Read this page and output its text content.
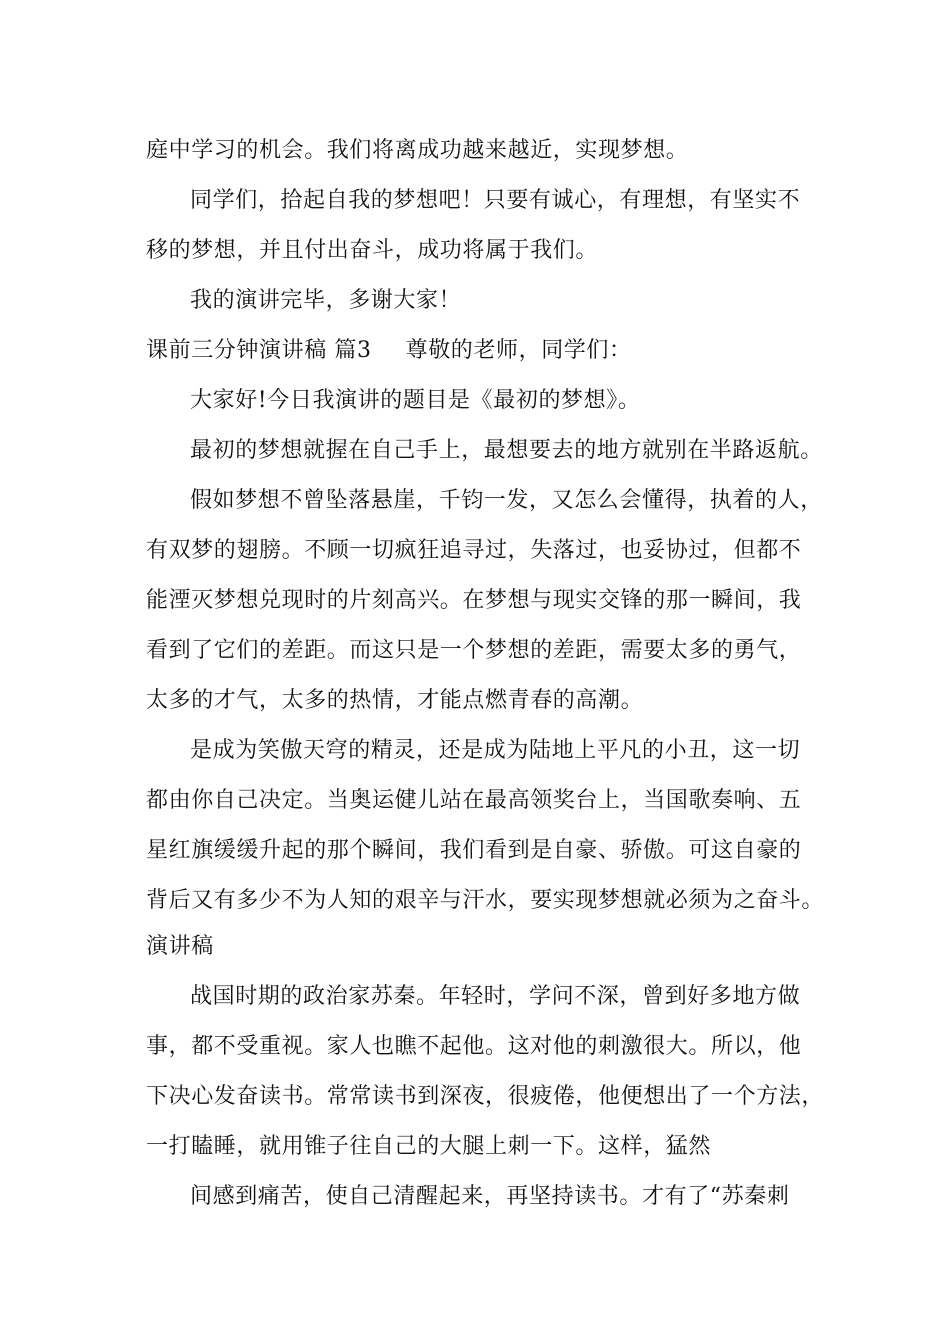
庭中学习的机会。我们将离成功越来越近，实现梦想。
同学们，拾起自我的梦想吧！只要有诚心，有理想，有坚实不
移的梦想，并且付出奋斗，成功将属于我们。
我的演讲完毕，多谢大家！
课前三分钟演讲稿 篇3 尊敬的老师，同学们：
大家好!今日我演讲的题目是《最初的梦想》。
最初的梦想就握在自己手上，最想要去的地方就别在半路返航。
假如梦想不曾坠落悬崖，千钧一发，又怎么会懂得，执着的人，
有双梦的翅膀。不顾一切疯狂追寻过，失落过，也妥协过，但都不
能湮灭梦想兑现时的片刻高兴。在梦想与现实交锋的那一瞬间，我
看到了它们的差距。而这只是一个梦想的差距，需要太多的勇气，
太多的才气，太多的热情，才能点燃青春的高潮。
是成为笑傲天穹的精灵，还是成为陆地上平凡的小丑，这一切
都由你自己决定。当奥运健儿站在最高领奖台上，当国歌奏响、五
星红旗缓缓升起的那个瞬间，我们看到是自豪、骄傲。可这自豪的
背后又有多少不为人知的艰辛与汗水，要实现梦想就必须为之奋斗。
演讲稿
战国时期的政治家苏秦。年轻时，学问不深，曾到好多地方做
事，都不受重视。家人也瞧不起他。这对他的刺激很大。所以，他
下决心发奋读书。常常读书到深夜，很疲倦，他便想出了一个方法，
一打瞌睡，就用锥子往自己的大腿上刺一下。这样，猛然
间感到痛苦，使自己清醒起来，再坚持读书。才有了“苏秦刺
